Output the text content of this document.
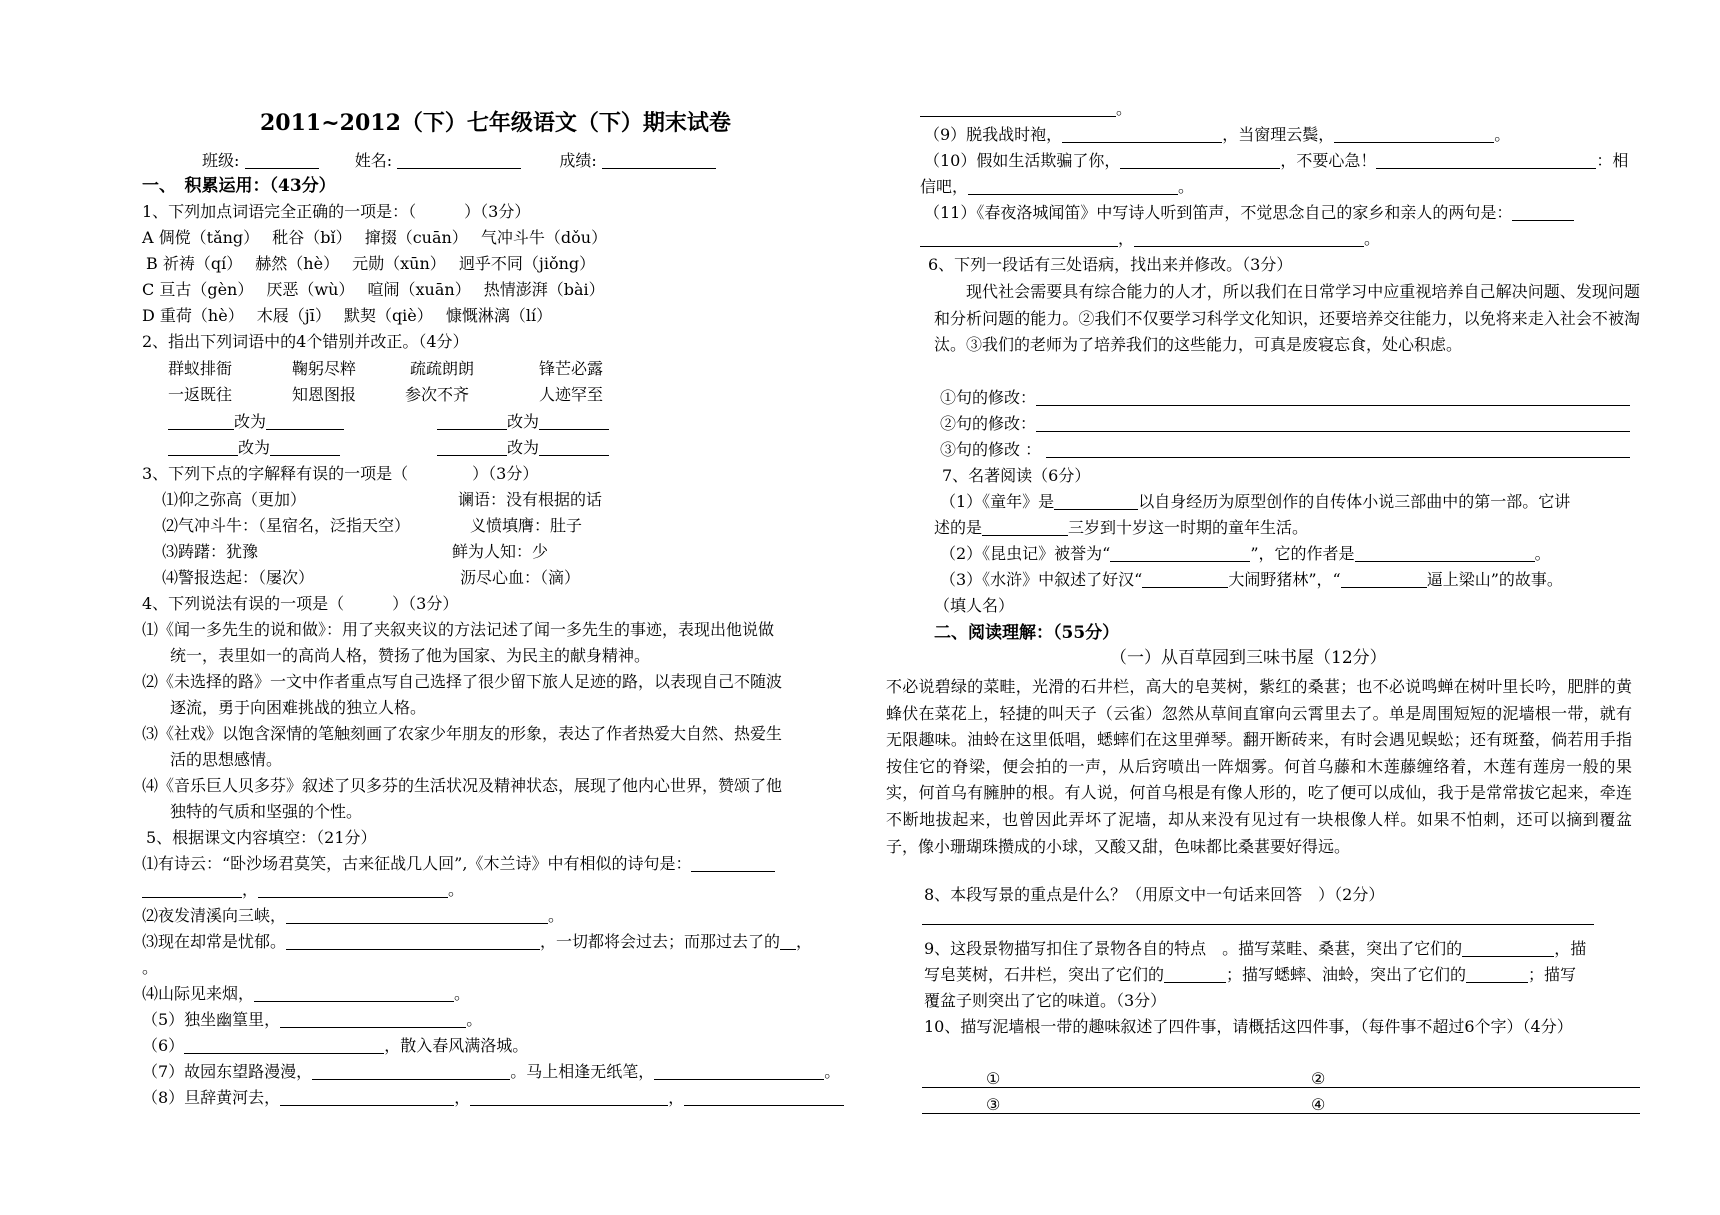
2011~2012（下）七年级语文（下）期末试卷
班级:	姓名:	成绩:
一、　积累运用：（43分）
1、下列加点词语完全正确的一项是：（　　　）（3分）
A 倜傥（tǎng）　 秕谷（bǐ）　 撺掇（cuān）　 气冲斗牛（dǒu）
B 祈祷（qí）　 赫然（hè）　 元勋（xūn）　 迥乎不同（jiǒng）
C 亘古（gèn）　 厌恶（wù）　 喧闹（xuān）　 热情澎湃（bài）
D 重荷（hè）　 木屐（jī）　 默契（qiè）　 慷慨淋漓（lí）
2、指出下列词语中的4个错别并改正。（4分）
群蚁排衙	鞠躬尽粹	疏疏朗朗	锋芒必露
一返既往	知恩图报	参次不齐	人迹罕至
改为	改为
改为	改为
3、下列下点的字解释有误的一项是（　　　　）（3分）
⑴仰之弥高（更加）	谰语：没有根据的话
⑵气冲斗牛：（星宿名，泛指天空）	义愤填膺：肚子
⑶踌躇：犹豫	鲜为人知：少
⑷警报迭起：（屡次）	沥尽心血：（滴）
4、下列说法有误的一项是（　　　）（3分）
⑴《闻一多先生的说和做》：用了夹叙夹议的方法记述了闻一多先生的事迹，表现出他说做
统一，表里如一的高尚人格，赞扬了他为国家、为民主的献身精神。
⑵《未选择的路》一文中作者重点写自己选择了很少留下旅人足迹的路，以表现自己不随波
逐流，勇于向困难挑战的独立人格。
⑶《社戏》以饱含深情的笔触刻画了农家少年朋友的形象，表达了作者热爱大自然、热爱生
活的思想感情。
⑷《音乐巨人贝多芬》叙述了贝多芬的生活状况及精神状态，展现了他内心世界，赞颂了他
独特的气质和坚强的个性。
5、根据课文内容填空：（21分）
⑴有诗云：“卧沙场君莫笑，古来征战几人回”,《木兰诗》中有相似的诗句是：
，	。
⑵夜发清溪向三峡，	。
⑶现在却常是忧郁。	，一切都将会过去；而那过去了的 ，
。
⑷山际见来烟，	。
（5）独坐幽篁里，	。
（6）	，散入春风满洛城。
（7）故园东望路漫漫，	。马上相逢无纸笔，	。
（8）旦辞黄河去，	，	，
。
（9）脱我战时袍，	，当窗理云鬓，	。
（10）假如生活欺骗了你，	，不要心急！	：相
信吧，	。
（11）《春夜洛城闻笛》中写诗人听到笛声，不觉思念自己的家乡和亲人的两句是：
，	。
6、下列一段话有三处语病，找出来并修改。（3分）
现代社会需要具有综合能力的人才，所以我们在日常学习中应重视培养自己解决问题、发现问题和分析问题的能力。②我们不仅要学习科学文化知识，还要培养交往能力，以免将来走入社会不被淘汰。③我们的老师为了培养我们的这些能力，可真是废寝忘食，处心积虑。
①句的修改：
②句的修改：
③句的修改 ：
7、名著阅读（6分）
（1）《童年》是	以自身经历为原型创作的自传体小说三部曲中的第一部。它讲
述的是	三岁到十岁这一时期的童年生活。
（2）《昆虫记》被誉为“	”，它的作者是	。
（3）《水浒》中叙述了好汉“	大闹野猪林”，“	逼上梁山”的故事。
（填人名）
二、阅读理解：（55分）
（一）从百草园到三味书屋（12分）
不必说碧绿的菜畦，光滑的石井栏，高大的皂荚树，紫红的桑葚；也不必说鸣蝉在树叶里长吟，肥胖的黄蜂伏在菜花上，轻捷的叫天子（云雀）忽然从草间直窜向云霄里去了。单是周围短短的泥墙根一带，就有无限趣味。油蛉在这里低唱，蟋蟀们在这里弹琴。翻开断砖来，有时会遇见蜈蚣；还有斑蝥，倘若用手指按住它的脊梁，便会拍的一声，从后窍喷出一阵烟雾。何首乌藤和木莲藤缠络着，木莲有莲房一般的果实，何首乌有臃肿的根。有人说，何首乌根是有像人形的，吃了便可以成仙，我于是常常拔它起来，牵连不断地拔起来，也曾因此弄坏了泥墙，却从来没有见过有一块根像人样。如果不怕刺，还可以摘到覆盆子，像小珊瑚珠攒成的小球，又酸又甜，色味都比桑葚要好得远。
8、本段写景的重点是什么？（用原文中一句话来回答　）（2分）
9、这段景物描写扣住了景物各自的特点　。描写菜畦、桑葚，突出了它们的	，描
写皂荚树，石井栏，突出了它们的	；描写蟋蟀、油蛉，突出了它们的	；描写
覆盆子则突出了它的味道。（3分）
10、描写泥墙根一带的趣味叙述了四件事，请概括这四件事，（每件事不超过6个字）（4分）
①	②
③	④
